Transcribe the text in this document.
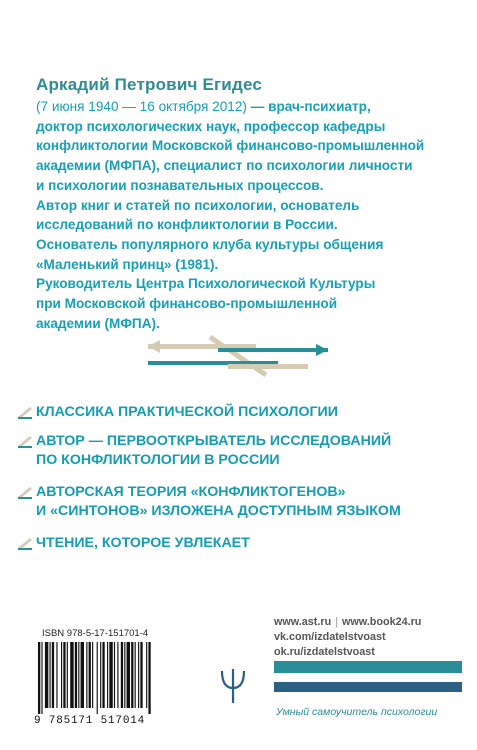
Аркадий Петрович Егидес

(7 июня 1940 — 16 октября 2012) — врач-психиатр,

доктор психологических наук, профессор кафедры

конфликтологии Московской финансово-промышленной

академии (МФПА), специалист по психологии личности

и психологии познавательных процессов.

Автор книг и статей по психологии, основатель

исследований по конфликтологии в России.

Основатель популярного клуба культуры общения

«Маленький принц» (1981).

Руководитель Центра Психологической Культуры

при Московской финансово-промышленной

академии (МФПА).

КЛАССИКА ПРАКТИЧЕСКОЙ ПСИХОЛОГИИ
АВТОР — ПЕРВООТКРЫВАТЕЛЬ ИССЛЕДОВАНИЙ
ПО КОНФЛИКТОЛОГИИ В РОССИИ
АВТОРСКАЯ ТЕОРИЯ «КОНФЛИКТОГЕНОВ»
И «СИНТОНОВ» ИЗЛОЖЕНА ДОСТУПНЫМ ЯЗЫКОМ
ЧТЕНИЕ, КОТОРОЕ УВЛЕКАЕТ
ISBN 978-5-17-151701-4
9 785171 517014
www.ast.ru | www.book24.ru
vk.com/izdatelstvoast
ok.ru/izdatelstvoast
Умный самоучитель психологии
